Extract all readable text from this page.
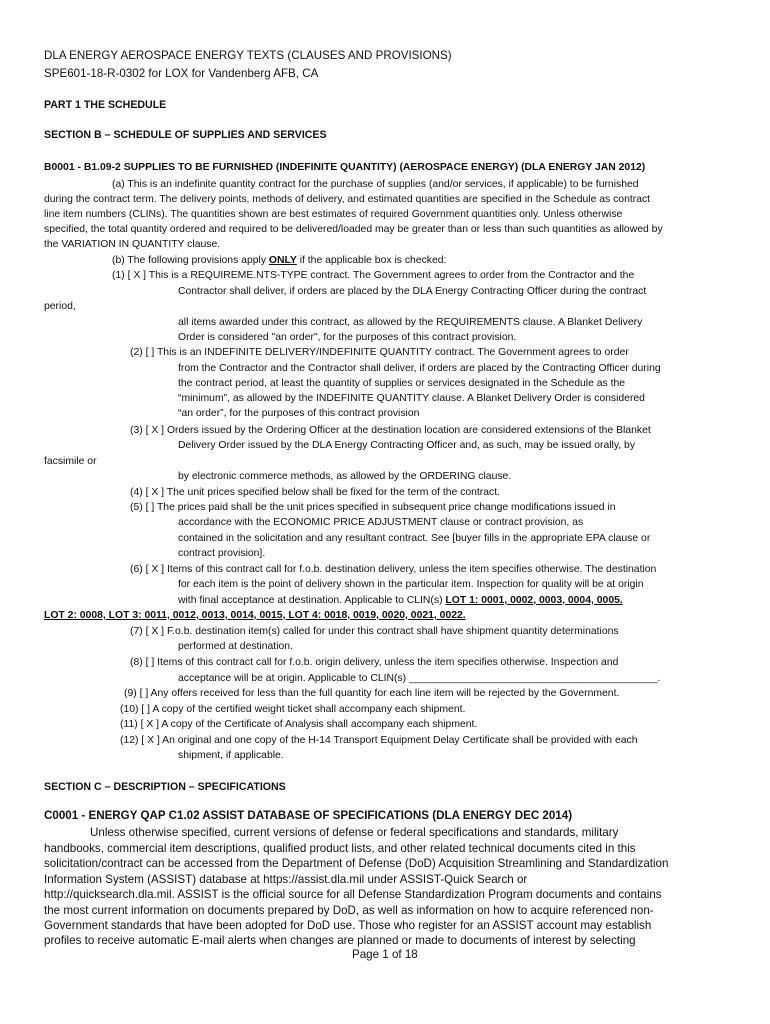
DLA ENERGY AEROSPACE ENERGY TEXTS (CLAUSES AND PROVISIONS)
SPE601-18-R-0302 for LOX for Vandenberg AFB, CA
PART 1 THE SCHEDULE
SECTION B – SCHEDULE OF SUPPLIES AND SERVICES
B0001 - B1.09-2 SUPPLIES TO BE FURNISHED (INDEFINITE QUANTITY) (AEROSPACE ENERGY) (DLA ENERGY JAN 2012)
(a) This is an indefinite quantity contract for the purchase of supplies (and/or services, if applicable) to be furnished
during the contract term. The delivery points, methods of delivery, and estimated quantities are specified in the Schedule as contract
line item numbers (CLINs). The quantities shown are best estimates of required Government quantities only. Unless otherwise
specified, the total quantity ordered and required to be delivered/loaded may be greater than or less than such quantities as allowed by
the VARIATION IN QUANTITY clause.
(b) The following provisions apply ONLY if the applicable box is checked:
(1) [ X ] This is a REQUIREME.NTS-TYPE contract. The Government agrees to order from the Contractor and the
Contractor shall deliver, if orders are placed by the DLA Energy Contracting Officer during the contract
period,
all items awarded under this contract, as allowed by the REQUIREMENTS clause. A Blanket Delivery
Order is considered "an order", for the purposes of this contract provision.
(2) [ ] This is an INDEFINITE DELIVERY/INDEFINITE QUANTITY contract. The Government agrees to order
from the Contractor and the Contractor shall deliver, if orders are placed by the Contracting Officer during
the contract period, at least the quantity of supplies or services designated in the Schedule as the
“minimum”, as allowed by the INDEFINITE QUANTITY clause. A Blanket Delivery Order is considered
“an order”, for the purposes of this contract provision
(3) [ X ] Orders issued by the Ordering Officer at the destination location are considered extensions of the Blanket
Delivery Order issued by the DLA Energy Contracting Officer and, as such, may be issued orally, by
facsimile or
by electronic commerce methods, as allowed by the ORDERING clause.
(4) [ X ] The unit prices specified below shall be fixed for the term of the contract.
(5) [ ] The prices paid shall be the unit prices specified in subsequent price change modifications issued in
accordance with the ECONOMIC PRICE ADJUSTMENT clause or contract provision, as
contained in the solicitation and any resultant contract. See [buyer fills in the appropriate EPA clause or
contract provision].
(6) [ X ] Items of this contract call for f.o.b. destination delivery, unless the item specifies otherwise. The destination
for each item is the point of delivery shown in the particular item. Inspection for quality will be at origin
with final acceptance at destination. Applicable to CLIN(s) LOT 1: 0001, 0002, 0003, 0004, 0005.
LOT 2: 0008, LOT 3: 0011, 0012, 0013, 0014, 0015, LOT 4: 0018, 0019, 0020, 0021, 0022.
(7) [ X ] F.o.b. destination item(s) called for under this contract shall have shipment quantity determinations
performed at destination.
(8) [ ] Items of this contract call for f.o.b. origin delivery, unless the item specifies otherwise. Inspection and
acceptance will be at origin. Applicable to CLIN(s) ___________________________________________.
(9) [ ] Any offers received for less than the full quantity for each line item will be rejected by the Government.
(10) [ ] A copy of the certified weight ticket shall accompany each shipment.
(11) [ X ] A copy of the Certificate of Analysis shall accompany each shipment.
(12) [ X ] An original and one copy of the H-14 Transport Equipment Delay Certificate shall be provided with each
shipment, if applicable.
SECTION C – DESCRIPTION – SPECIFICATIONS
C0001 - ENERGY QAP C1.02 ASSIST DATABASE OF SPECIFICATIONS (DLA ENERGY DEC 2014)
Unless otherwise specified, current versions of defense or federal specifications and standards, military
handbooks, commercial item descriptions, qualified product lists, and other related technical documents cited in this
solicitation/contract can be accessed from the Department of Defense (DoD) Acquisition Streamlining and Standardization
Information System (ASSIST) database at https://assist.dla.mil under ASSIST-Quick Search or
http://quicksearch.dla.mil. ASSIST is the official source for all Defense Standardization Program documents and contains
the most current information on documents prepared by DoD, as well as information on how to acquire referenced non-
Government standards that have been adopted for DoD use. Those who register for an ASSIST account may establish
profiles to receive automatic E-mail alerts when changes are planned or made to documents of interest by selecting
Page 1 of 18
